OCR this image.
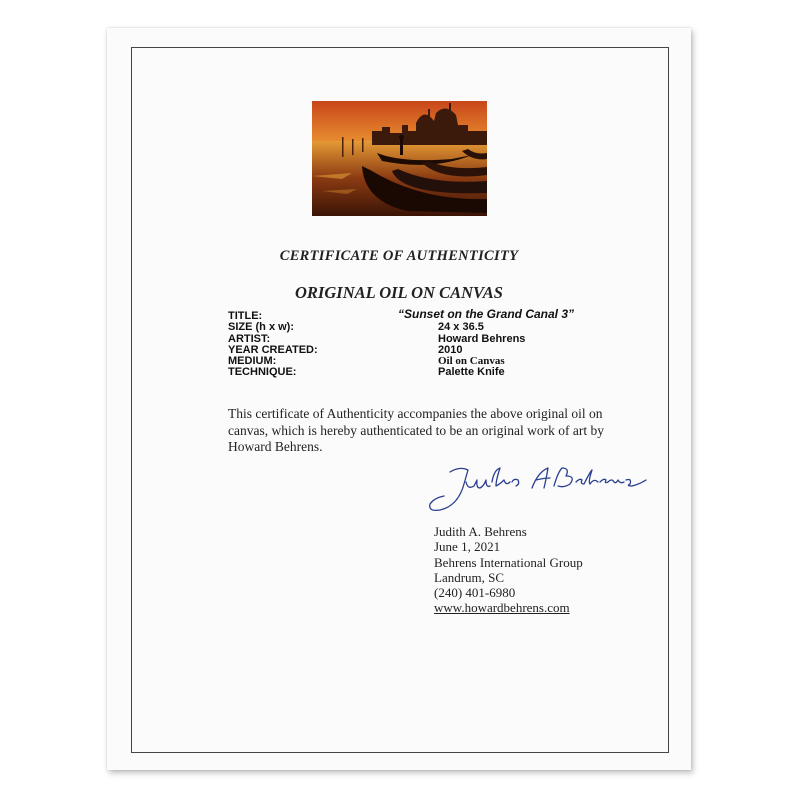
CERTIFICATE OF AUTHENTICITY
ORIGINAL OIL ON CANVAS
TITLE:	“Sunset on the Grand Canal 3”
SIZE (h x w):	24 x 36.5
ARTIST:	Howard Behrens
YEAR CREATED:	2010
MEDIUM:	Oil on Canvas
TECHNIQUE:	Palette Knife
This certificate of Authenticity accompanies the above original oil on canvas, which is hereby authenticated to be an original work of art by Howard Behrens.
Judith A. Behrens
June 1, 2021
Behrens International Group
Landrum, SC
(240) 401-6980
www.howardbehrens.com
